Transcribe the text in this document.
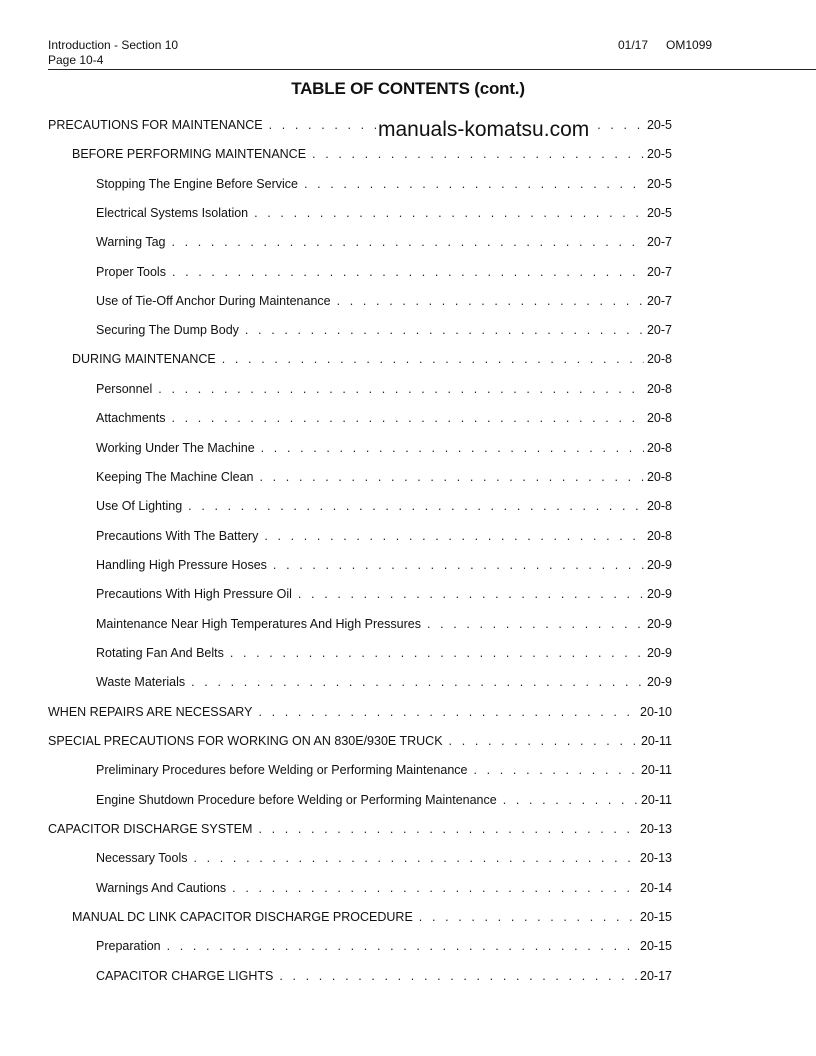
Introduction - Section 10
Page 10-4
01/17 OM1099
TABLE OF CONTENTS (cont.)
manuals-komatsu.com
PRECAUTIONS FOR MAINTENANCE . . .	20-5
BEFORE PERFORMING MAINTENANCE . . .	20-5
Stopping The Engine Before Service . . .	20-5
Electrical Systems Isolation . . .	20-5
Warning Tag . . .	20-7
Proper Tools . . .	20-7
Use of Tie-Off Anchor During Maintenance . . .	20-7
Securing The Dump Body . . .	20-7
DURING MAINTENANCE . . .	20-8
Personnel . . .	20-8
Attachments . . .	20-8
Working Under The Machine . . .	20-8
Keeping The Machine Clean . . .	20-8
Use Of Lighting . . .	20-8
Precautions With The Battery . . .	20-8
Handling High Pressure Hoses . . .	20-9
Precautions With High Pressure Oil . . .	20-9
Maintenance Near High Temperatures And High Pressures . . .	20-9
Rotating Fan And Belts . . .	20-9
Waste Materials . . .	20-9
WHEN REPAIRS ARE NECESSARY . . .	20-10
SPECIAL PRECAUTIONS FOR WORKING ON AN 830E/930E TRUCK . . .	20-11
Preliminary Procedures before Welding or Performing Maintenance . . .	20-11
Engine Shutdown Procedure before Welding or Performing Maintenance . . .	20-11
CAPACITOR DISCHARGE SYSTEM . . .	20-13
Necessary Tools . . .	20-13
Warnings And Cautions . . .	20-14
MANUAL DC LINK CAPACITOR DISCHARGE PROCEDURE . . .	20-15
Preparation . . .	20-15
CAPACITOR CHARGE LIGHTS . . .	20-17
